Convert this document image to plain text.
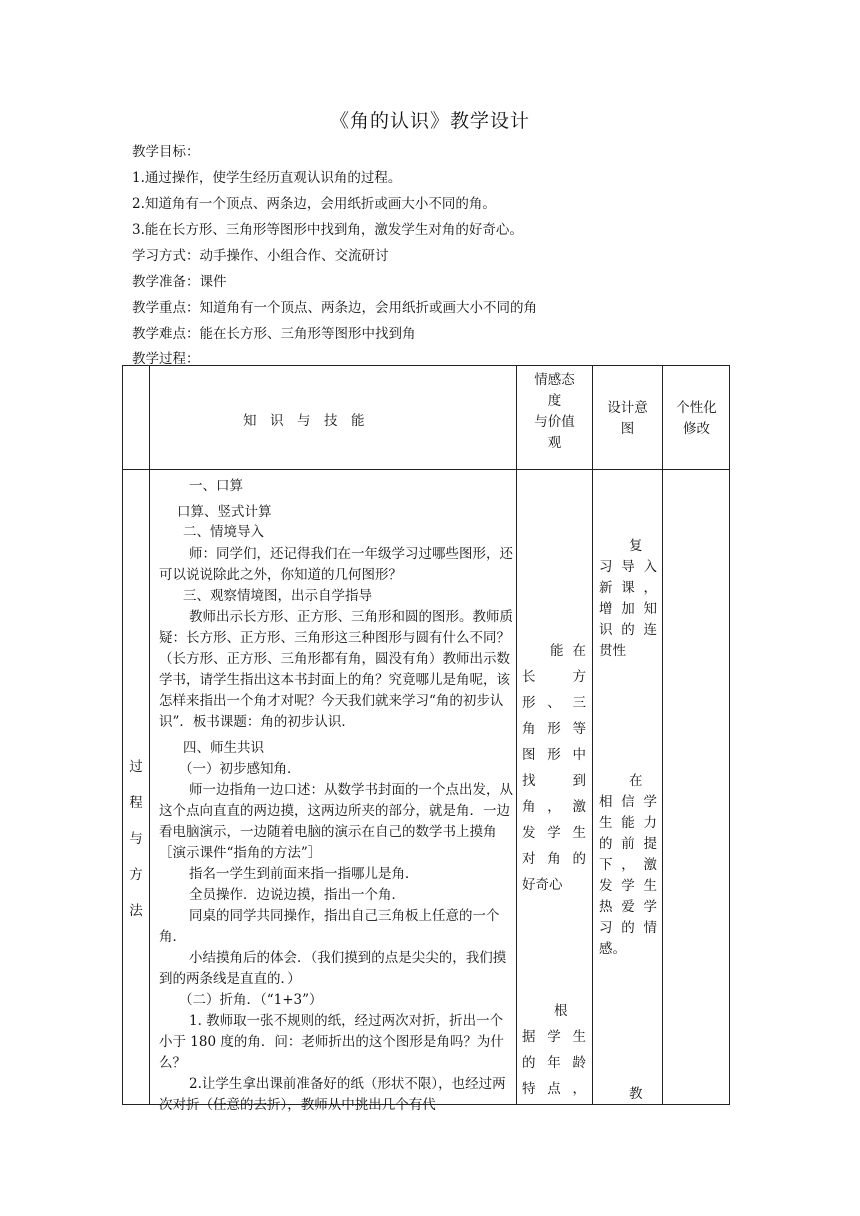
《角的认识》教学设计
教学目标：
1.通过操作，使学生经历直观认识角的过程。
2.知道角有一个顶点、两条边，会用纸折或画大小不同的角。
3.能在长方形、三角形等图形中找到角，激发学生对角的好奇心。
学习方式：动手操作、小组合作、交流研讨
教学准备：课件
教学重点：知道角有一个顶点、两条边，会用纸折或画大小不同的角
教学难点：能在长方形、三角形等图形中找到角
教学过程：
知　识　与　技　能
情感态
度
与价值
观
设计意
图
个性化
修改
过
程
与
方
法
一、口算
口算、竖式计算
二、情境导入
师：同学们，还记得我们在一年级学习过哪些图形，还可以说说除此之外，你知道的几何图形？
三、观察情境图，出示自学指导
教师出示长方形、正方形、三角形和圆的图形。教师质疑：长方形、正方形、三角形这三种图形与圆有什么不同？（长方形、正方形、三角形都有角，圆没有角）教师出示数学书，请学生指出这本书封面上的角？究竟哪儿是角呢，该怎样来指出一个角才对呢？今天我们就来学习“角的初步认识”．板书课题：角的初步认识．
四、师生共识
（一）初步感知角．
师一边指角一边口述：从数学书封面的一个点出发，从这个点向直直的两边摸，这两边所夹的部分，就是角．一边看电脑演示，一边随着电脑的演示在自己的数学书上摸角［演示课件“指角的方法”］
指名一学生到前面来指一指哪儿是角．
全员操作．边说边摸，指出一个角．
同桌的同学共同操作，指出自己三角板上任意的一个角．
小结摸角后的体会．（我们摸到的点是尖尖的，我们摸到的两条线是直直的．）
（二）折角．（“1+3”）
1. 教师取一张不规则的纸，经过两次对折，折出一个小于 180 度的角．问：老师折出的这个图形是角吗？为什么？
2.让学生拿出课前准备好的纸（形状不限），也经过两次对折（任意的去折），教师从中挑出几个有代
能在
长方
形、三
角形等
图形中
找到
角，激
发学生
对角的
好奇心
根
据学生
的年龄
特点，
复
习导入
新课，
增加知
识的连
贯性
在
相信学
生能力
的前提
下，激
发学生
热爱学
习的情
感。
教
